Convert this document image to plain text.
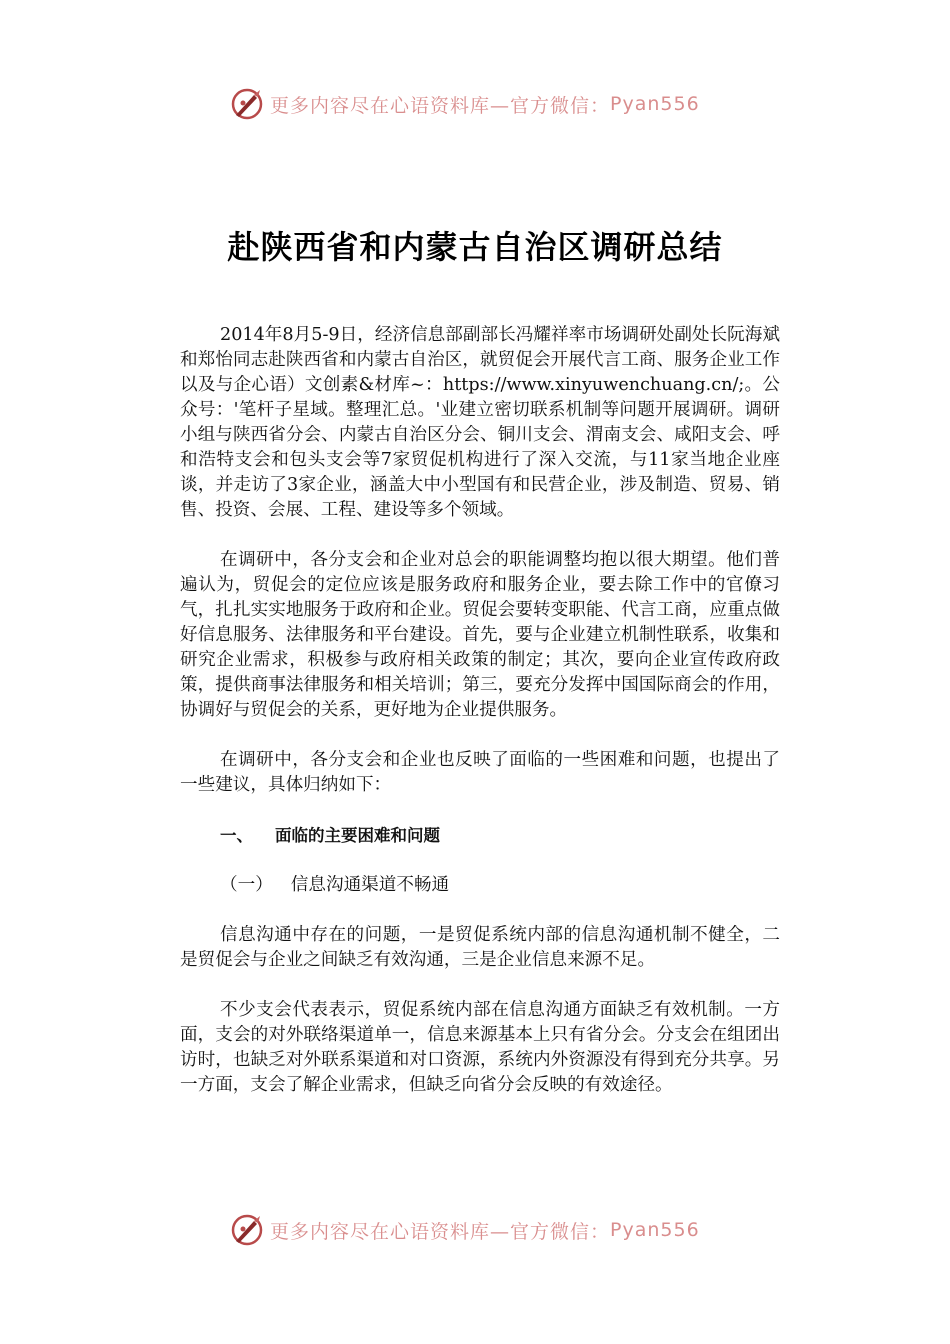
更多内容尽在心语资料库—官方微信： Pyan556
赴陕西省和内蒙古自治区调研总结

2014年8月5-9日，经济信息部副部长冯耀祥率市场调研处副处长阮海斌和郑怡同志赴陕西省和内蒙古自治区，就贸促会开展代言工商、服务企业工作以及与企心语）文创素&材库~：https://www.xinyuwenchuang.cn/;。公众号：'笔杆子星域。整理汇总。'业建立密切联系机制等问题开展调研。调研小组与陕西省分会、内蒙古自治区分会、铜川支会、渭南支会、咸阳支会、呼和浩特支会和包头支会等7家贸促机构进行了深入交流，与11家当地企业座谈，并走访了3家企业，涵盖大中小型国有和民营企业，涉及制造、贸易、销售、投资、会展、工程、建设等多个领域。

在调研中，各分支会和企业对总会的职能调整均抱以很大期望。他们普遍认为，贸促会的定位应该是服务政府和服务企业，要去除工作中的官僚习气，扎扎实实地服务于政府和企业。贸促会要转变职能、代言工商，应重点做好信息服务、法律服务和平台建设。首先，要与企业建立机制性联系，收集和研究企业需求，积极参与政府相关政策的制定；其次，要向企业宣传政府政策，提供商事法律服务和相关培训；第三，要充分发挥中国国际商会的作用，协调好与贸促会的关系，更好地为企业提供服务。

在调研中，各分支会和企业也反映了面临的一些困难和问题，也提出了一些建议，具体归纳如下：

一、 面临的主要困难和问题
（一） 信息沟通渠道不畅通

信息沟通中存在的问题，一是贸促系统内部的信息沟通机制不健全，二是贸促会与企业之间缺乏有效沟通，三是企业信息来源不足。

不少支会代表表示，贸促系统内部在信息沟通方面缺乏有效机制。一方面，支会的对外联络渠道单一，信息来源基本上只有省分会。分支会在组团出访时，也缺乏对外联系渠道和对口资源，系统内外资源没有得到充分共享。另一方面，支会了解企业需求，但缺乏向省分会反映的有效途径。

更多内容尽在心语资料库—官方微信： Pyan556
